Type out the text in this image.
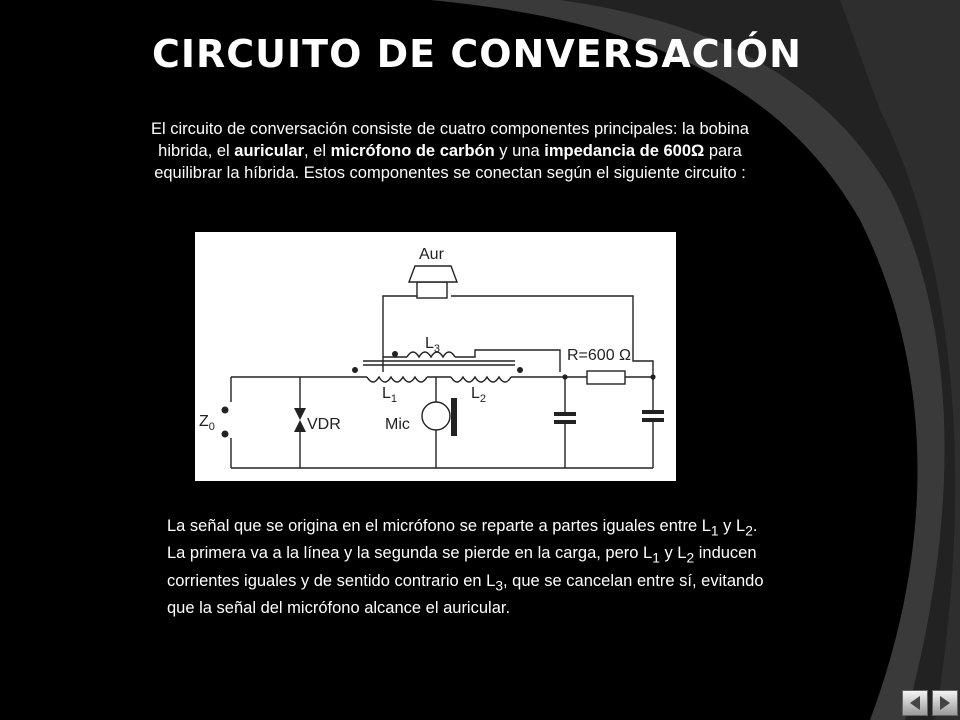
CIRCUITO DE CONVERSACIÓN
El circuito de conversación consiste de cuatro componentes principales: la bobina hibrida, el auricular, el micrófono de carbón y una impedancia de 600Ω para equilibrar la híbrida. Estos componentes se conectan según el siguiente circuito :
Aur
$L_3$
$L_1$	$L_2$
R=600 Ω
$Z_0$	VDR	Mic
La señal que se origina en el micrófono se reparte a partes iguales entre $L_1$ y $L_2$. La primera va a la línea y la segunda se pierde en la carga, pero $L_1$ y $L_2$ inducen corrientes iguales y de sentido contrario en $L_3$, que se cancelan entre sí, evitando que la señal del micrófono alcance el auricular.
